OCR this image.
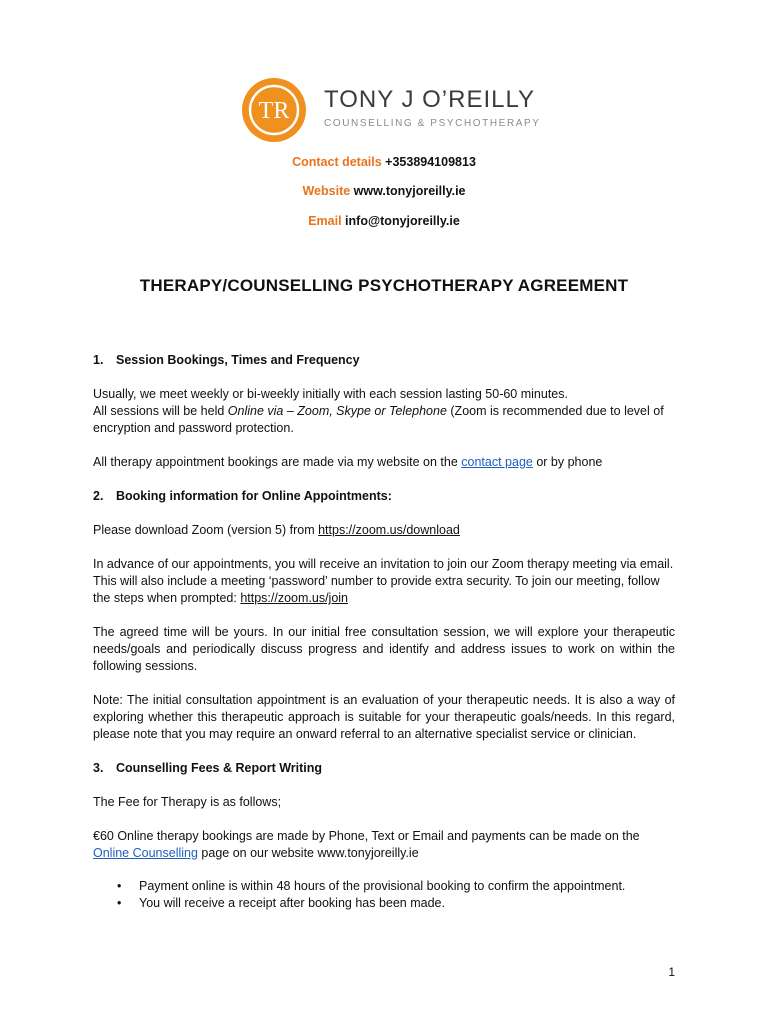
TR TONY J O’REILLY
COUNSELLING & PSYCHOTHERAPY
Contact details +353894109813
Website www.tonyjoreilly.ie
Email info@tonyjoreilly.ie
THERAPY/COUNSELLING PSYCHOTHERAPY AGREEMENT

1.	Session Bookings, Times and Frequency

Usually, we meet weekly or bi-weekly initially with each session lasting 50-60 minutes.

All sessions will be held Online via – Zoom, Skype or Telephone (Zoom is recommended due to level of encryption and password protection.

All therapy appointment bookings are made via my website on the contact page or by phone

2.	Booking information for Online Appointments:

Please download Zoom (version 5) from https://zoom.us/download

In advance of our appointments, you will receive an invitation to join our Zoom therapy meeting via email. This will also include a meeting ‘password’ number to provide extra security. To join our meeting, follow the steps when prompted: https://zoom.us/join

The agreed time will be yours. In our initial free consultation session, we will explore your therapeutic needs/goals and periodically discuss progress and identify and address issues to work on within the following sessions.

Note: The initial consultation appointment is an evaluation of your therapeutic needs. It is also a way of exploring whether this therapeutic approach is suitable for your therapeutic goals/needs. In this regard, please note that you may require an onward referral to an alternative specialist service or clinician.

3.	Counselling Fees & Report Writing

The Fee for Therapy is as follows;

€60 Online therapy bookings are made by Phone, Text or Email and payments can be made on the Online Counselling page on our website www.tonyjoreilly.ie

•	Payment online is within 48 hours of the provisional booking to confirm the appointment.
•	You will receive a receipt after booking has been made.
1
